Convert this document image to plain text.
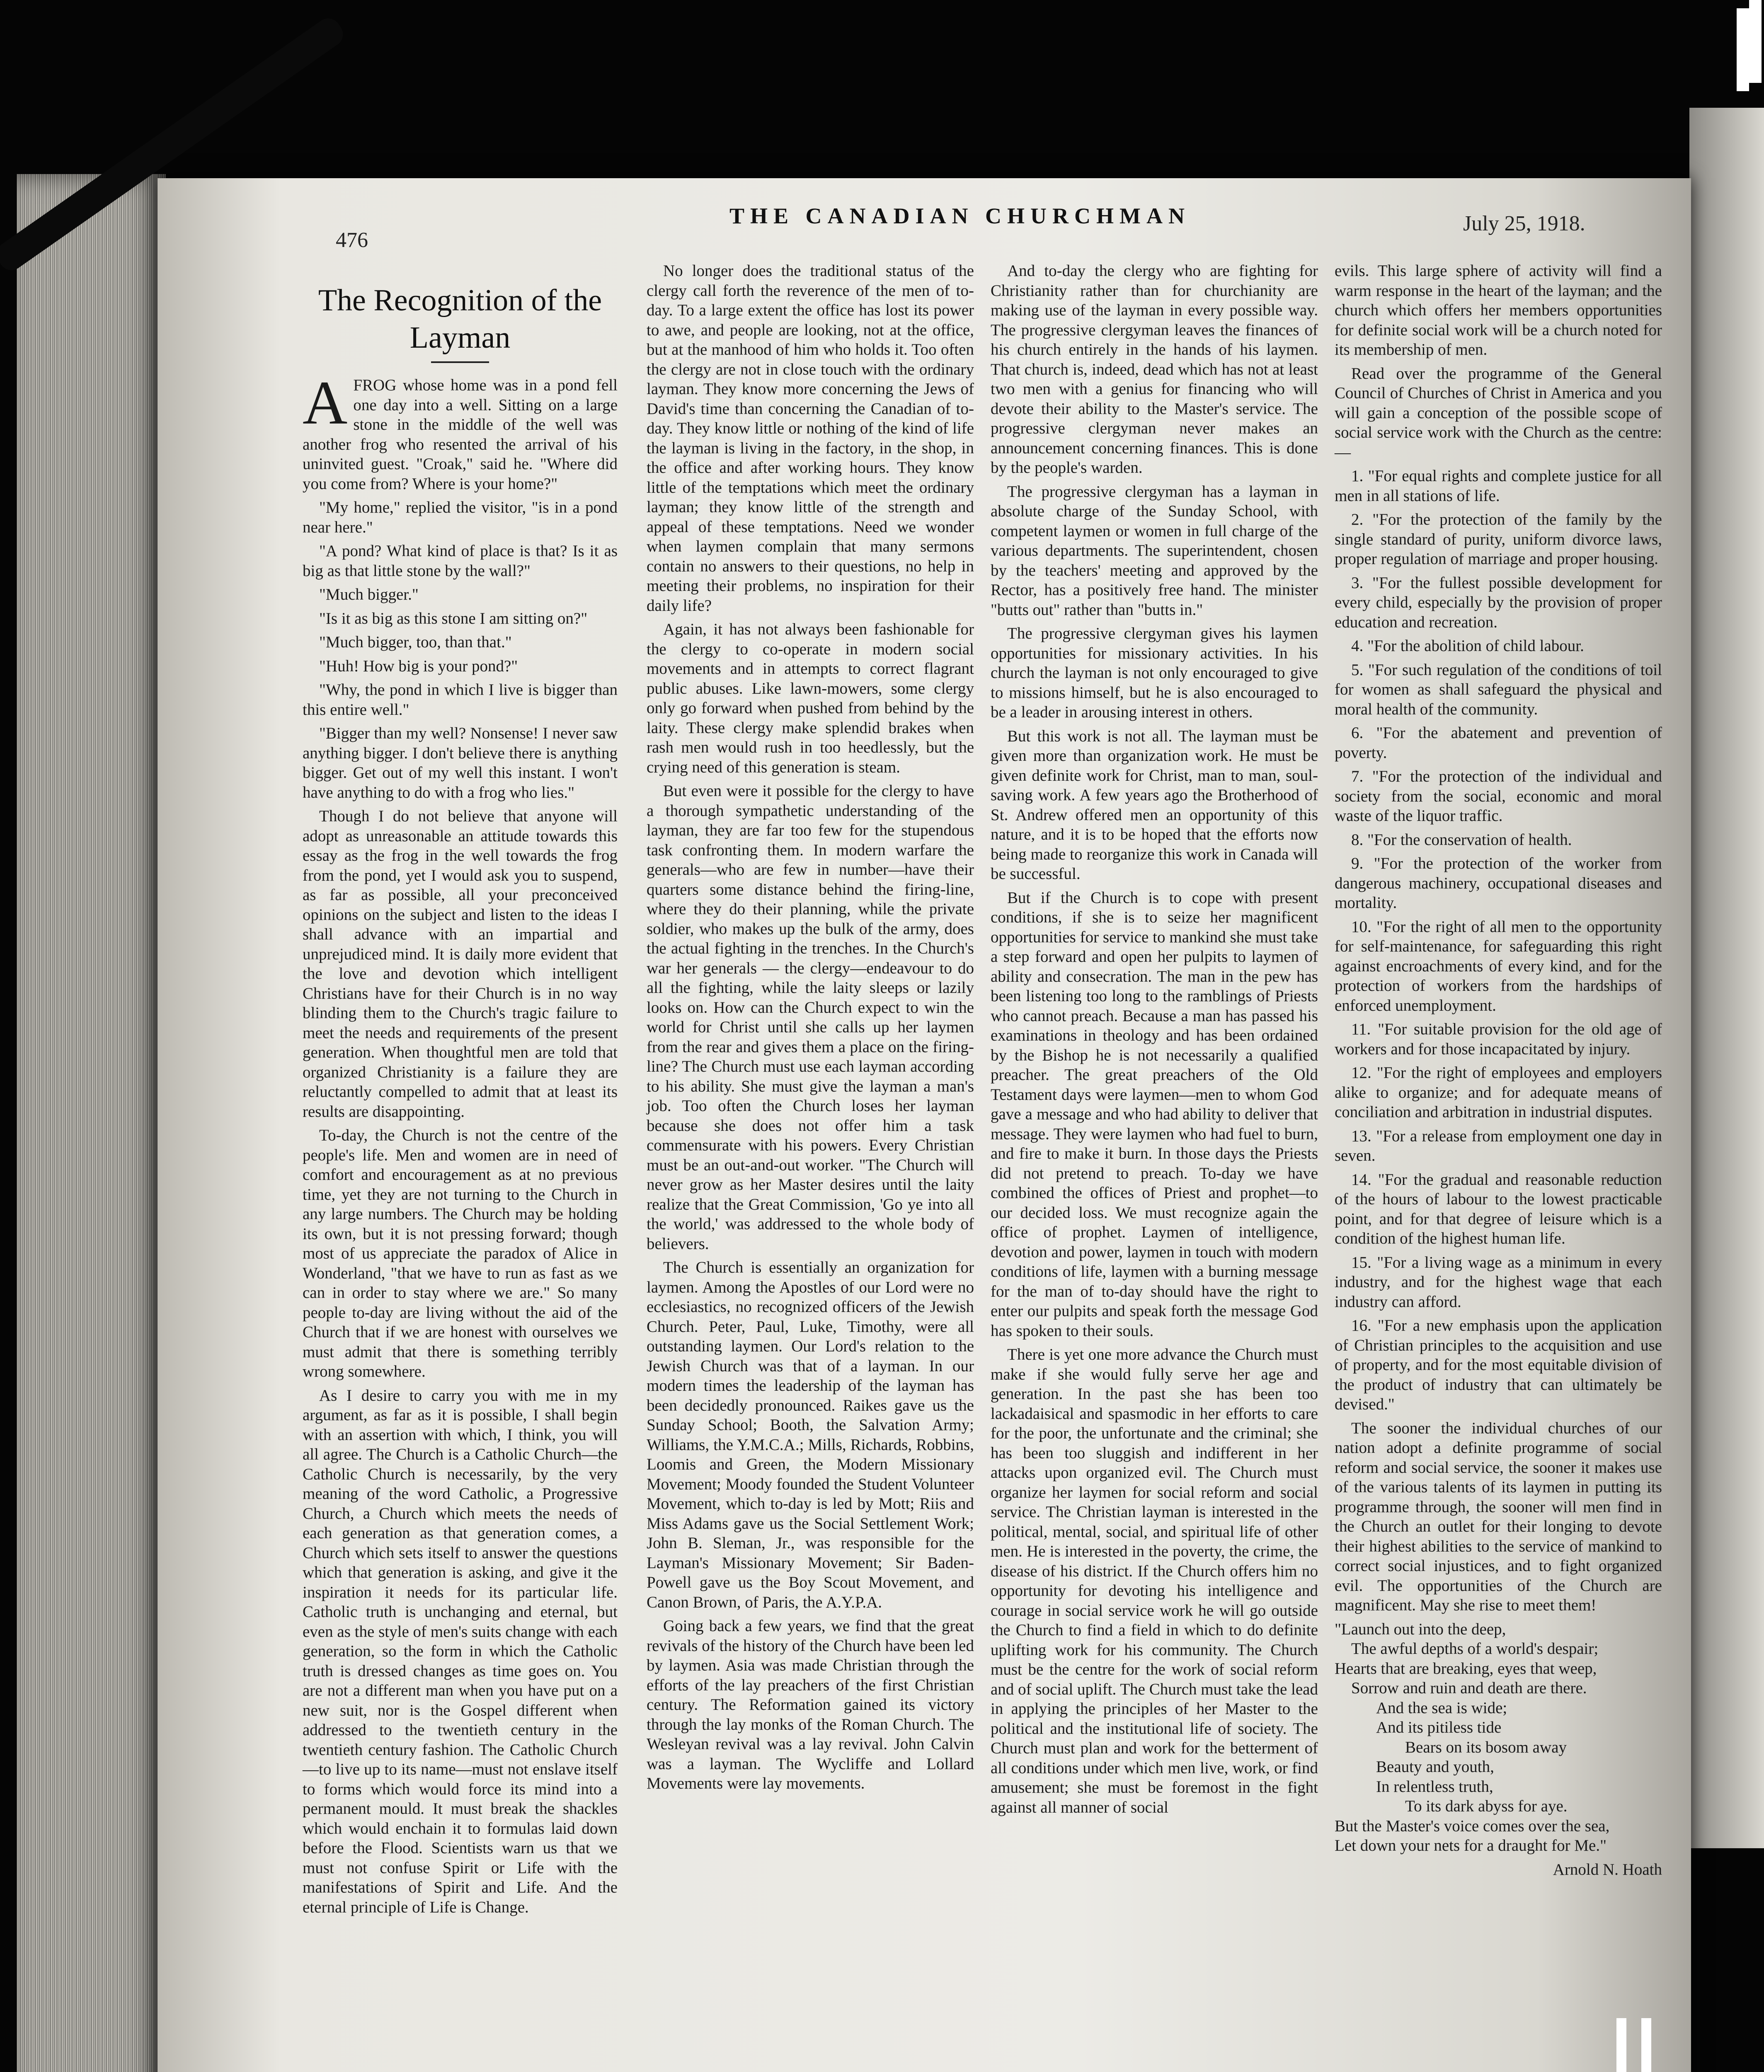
476
THE CANADIAN CHURCHMAN	July 25, 1918.
The Recognition of the Layman

AFROG whose home was in a pond fell one day into a well. Sitting on a large stone in the middle of the well was another frog who resented the arrival of his uninvited guest. "Croak," said he. "Where did you come from? Where is your home?"

"My home," replied the visitor, "is in a pond near here."

"A pond? What kind of place is that? Is it as big as that little stone by the wall?"

"Much bigger."

"Is it as big as this stone I am sitting on?"

"Much bigger, too, than that."

"Huh! How big is your pond?"

"Why, the pond in which I live is bigger than this entire well."

"Bigger than my well? Nonsense! I never saw anything bigger. I don't believe there is anything bigger. Get out of my well this instant. I won't have anything to do with a frog who lies."

Though I do not believe that anyone will adopt as unreasonable an attitude towards this essay as the frog in the well towards the frog from the pond, yet I would ask you to suspend, as far as possible, all your preconceived opinions on the subject and listen to the ideas I shall advance with an impartial and unprejudiced mind. It is daily more evident that the love and devotion which intelligent Christians have for their Church is in no way blinding them to the Church's tragic failure to meet the needs and requirements of the present generation. When thoughtful men are told that organized Christianity is a failure they are reluctantly compelled to admit that at least its results are disappointing.

To-day, the Church is not the centre of the people's life. Men and women are in need of comfort and encouragement as at no previous time, yet they are not turning to the Church in any large numbers. The Church may be holding its own, but it is not pressing forward; though most of us appreciate the paradox of Alice in Wonderland, "that we have to run as fast as we can in order to stay where we are." So many people to-day are living without the aid of the Church that if we are honest with ourselves we must admit that there is something terribly wrong somewhere.

As I desire to carry you with me in my argument, as far as it is possible, I shall begin with an assertion with which, I think, you will all agree. The Church is a Catholic Church—the Catholic Church is necessarily, by the very meaning of the word Catholic, a Progressive Church, a Church which meets the needs of each generation as that generation comes, a Church which sets itself to answer the questions which that generation is asking, and give it the inspiration it needs for its particular life. Catholic truth is unchanging and eternal, but even as the style of men's suits change with each generation, so the form in which the Catholic truth is dressed changes as time goes on. You are not a different man when you have put on a new suit, nor is the Gospel different when addressed to the twentieth century in the twentieth century fashion. The Catholic Church—to live up to its name—must not enslave itself to forms which would force its mind into a permanent mould. It must break the shackles which would enchain it to formulas laid down before the Flood. Scientists warn us that we must not confuse Spirit or Life with the manifestations of Spirit and Life. And the eternal principle of Life is Change.

No longer does the traditional status of the clergy call forth the reverence of the men of to-day. To a large extent the office has lost its power to awe, and people are looking, not at the office, but at the manhood of him who holds it. Too often the clergy are not in close touch with the ordinary layman. They know more concerning the Jews of David's time than concerning the Canadian of to-day. They know little or nothing of the kind of life the layman is living in the factory, in the shop, in the office and after working hours. They know little of the temptations which meet the ordinary layman; they know little of the strength and appeal of these temptations. Need we wonder when laymen complain that many sermons contain no answers to their questions, no help in meeting their problems, no inspiration for their daily life?

Again, it has not always been fashionable for the clergy to co-operate in modern social movements and in attempts to correct flagrant public abuses. Like lawn-mowers, some clergy only go forward when pushed from behind by the laity. These clergy make splendid brakes when rash men would rush in too heedlessly, but the crying need of this generation is steam.

But even were it possible for the clergy to have a thorough sympathetic understanding of the layman, they are far too few for the stupendous task confronting them. In modern warfare the generals—who are few in number—have their quarters some distance behind the firing-line, where they do their planning, while the private soldier, who makes up the bulk of the army, does the actual fighting in the trenches. In the Church's war her generals — the clergy—endeavour to do all the fighting, while the laity sleeps or lazily looks on. How can the Church expect to win the world for Christ until she calls up her laymen from the rear and gives them a place on the firing-line? The Church must use each layman according to his ability. She must give the layman a man's job. Too often the Church loses her layman because she does not offer him a task commensurate with his powers. Every Christian must be an out-and-out worker. "The Church will never grow as her Master desires until the laity realize that the Great Commission, 'Go ye into all the world,' was addressed to the whole body of believers.

The Church is essentially an organization for laymen. Among the Apostles of our Lord were no ecclesiastics, no recognized officers of the Jewish Church. Peter, Paul, Luke, Timothy, were all outstanding laymen. Our Lord's relation to the Jewish Church was that of a layman. In our modern times the leadership of the layman has been decidedly pronounced. Raikes gave us the Sunday School; Booth, the Salvation Army; Williams, the Y.M.C.A.; Mills, Richards, Robbins, Loomis and Green, the Modern Missionary Movement; Moody founded the Student Volunteer Movement, which to-day is led by Mott; Riis and Miss Adams gave us the Social Settlement Work; John B. Sleman, Jr., was responsible for the Layman's Missionary Movement; Sir Baden-Powell gave us the Boy Scout Movement, and Canon Brown, of Paris, the A.Y.P.A.

Going back a few years, we find that the great revivals of the history of the Church have been led by laymen. Asia was made Christian through the efforts of the lay preachers of the first Christian century. The Reformation gained its victory through the lay monks of the Roman Church. The Wesleyan revival was a lay revival. John Calvin was a layman. The Wycliffe and Lollard Movements were lay movements.

And to-day the clergy who are fighting for Christianity rather than for churchianity are making use of the layman in every possible way. The progressive clergyman leaves the finances of his church entirely in the hands of his laymen. That church is, indeed, dead which has not at least two men with a genius for financing who will devote their ability to the Master's service. The progressive clergyman never makes an announcement concerning finances. This is done by the people's warden.

The progressive clergyman has a layman in absolute charge of the Sunday School, with competent laymen or women in full charge of the various departments. The superintendent, chosen by the teachers' meeting and approved by the Rector, has a positively free hand. The minister "butts out" rather than "butts in."

The progressive clergyman gives his laymen opportunities for missionary activities. In his church the layman is not only encouraged to give to missions himself, but he is also encouraged to be a leader in arousing interest in others.

But this work is not all. The layman must be given more than organization work. He must be given definite work for Christ, man to man, soul-saving work. A few years ago the Brotherhood of St. Andrew offered men an opportunity of this nature, and it is to be hoped that the efforts now being made to reorganize this work in Canada will be successful.

But if the Church is to cope with present conditions, if she is to seize her magnificent opportunities for service to mankind she must take a step forward and open her pulpits to laymen of ability and consecration. The man in the pew has been listening too long to the ramblings of Priests who cannot preach. Because a man has passed his examinations in theology and has been ordained by the Bishop he is not necessarily a qualified preacher. The great preachers of the Old Testament days were laymen—men to whom God gave a message and who had ability to deliver that message. They were laymen who had fuel to burn, and fire to make it burn. In those days the Priests did not pretend to preach. To-day we have combined the offices of Priest and prophet—to our decided loss. We must recognize again the office of prophet. Laymen of intelligence, devotion and power, laymen in touch with modern conditions of life, laymen with a burning message for the man of to-day should have the right to enter our pulpits and speak forth the message God has spoken to their souls.

There is yet one more advance the Church must make if she would fully serve her age and generation. In the past she has been too lackadaisical and spasmodic in her efforts to care for the poor, the unfortunate and the criminal; she has been too sluggish and indifferent in her attacks upon organized evil. The Church must organize her laymen for social reform and social service. The Christian layman is interested in the political, mental, social, and spiritual life of other men. He is interested in the poverty, the crime, the disease of his district. If the Church offers him no opportunity for devoting his intelligence and courage in social service work he will go outside the Church to find a field in which to do definite uplifting work for his community. The Church must be the centre for the work of social reform and of social uplift. The Church must take the lead in applying the principles of her Master to the political and the institutional life of society. The Church must plan and work for the betterment of all conditions under which men live, work, or find amusement; she must be foremost in the fight against all manner of social

evils. This large sphere of activity will find a warm response in the heart of the layman; and the church which offers her members opportunities for definite social work will be a church noted for its membership of men.

Read over the programme of the General Council of Churches of Christ in America and you will gain a conception of the possible scope of social service work with the Church as the centre:—

1. "For equal rights and complete justice for all men in all stations of life.

2. "For the protection of the family by the single standard of purity, uniform divorce laws, proper regulation of marriage and proper housing.

3. "For the fullest possible development for every child, especially by the provision of proper education and recreation.

4. "For the abolition of child labour.

5. "For such regulation of the conditions of toil for women as shall safeguard the physical and moral health of the community.

6. "For the abatement and prevention of poverty.

7. "For the protection of the individual and society from the social, economic and moral waste of the liquor traffic.

8. "For the conservation of health.

9. "For the protection of the worker from dangerous machinery, occupational diseases and mortality.

10. "For the right of all men to the opportunity for self-maintenance, for safeguarding this right against encroachments of every kind, and for the protection of workers from the hardships of enforced unemployment.

11. "For suitable provision for the old age of workers and for those incapacitated by injury.

12. "For the right of employees and employers alike to organize; and for adequate means of conciliation and arbitration in industrial disputes.

13. "For a release from employment one day in seven.

14. "For the gradual and reasonable reduction of the hours of labour to the lowest practicable point, and for that degree of leisure which is a condition of the highest human life.

15. "For a living wage as a minimum in every industry, and for the highest wage that each industry can afford.

16. "For a new emphasis upon the application of Christian principles to the acquisition and use of property, and for the most equitable division of the product of industry that can ultimately be devised."

The sooner the individual churches of our nation adopt a definite programme of social reform and social service, the sooner it makes use of the various talents of its laymen in putting its programme through, the sooner will men find in the Church an outlet for their longing to devote their highest abilities to the service of mankind to correct social injustices, and to fight organized evil. The opportunities of the Church are magnificent. May she rise to meet them!

"Launch out into the deep,
The awful depths of a world's despair;
Hearts that are breaking, eyes that weep,
Sorrow and ruin and death are there.
And the sea is wide;
And its pitiless tide
Bears on its bosom away
Beauty and youth,
In relentless truth,
To its dark abyss for aye.
But the Master's voice comes over the sea,
Let down your nets for a draught for Me."
Arnold N. Hoath
